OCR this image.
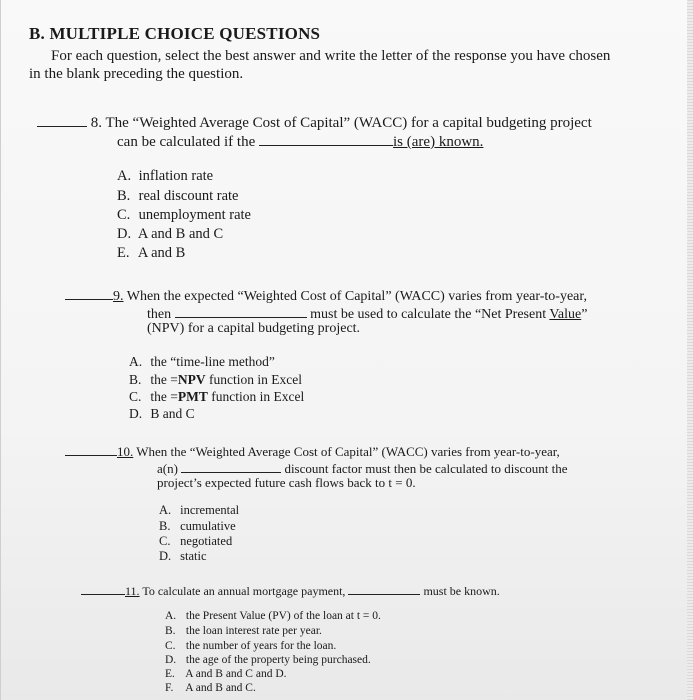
B. MULTIPLE CHOICE QUESTIONS
For each question, select the best answer and write the letter of the response you have chosen
in the blank preceding the question.
8. The “Weighted Average Cost of Capital” (WACC) for a capital budgeting project
can be calculated if the	is (are) known.
A. inflation rate
B. real discount rate
C. unemployment rate
D. A and B and C
E. A and B
9. When the expected “Weighted Cost of Capital” (WACC) varies from year-to-year,
then	must be used to calculate the “Net Present Value”
(NPV) for a capital budgeting project.
A. the “time-line method”
B. the =NPV function in Excel
C. the =PMT function in Excel
D. B and C
10. When the “Weighted Average Cost of Capital” (WACC) varies from year-to-year,
a(n)	discount factor must then be calculated to discount the
project’s expected future cash flows back to t = 0.
A. incremental
B. cumulative
C. negotiated
D. static
11. To calculate an annual mortgage payment,	must be known.
A. the Present Value (PV) of the loan at t = 0.
B. the loan interest rate per year.
C. the number of years for the loan.
D. the age of the property being purchased.
E. A and B and C and D.
F. A and B and C.
